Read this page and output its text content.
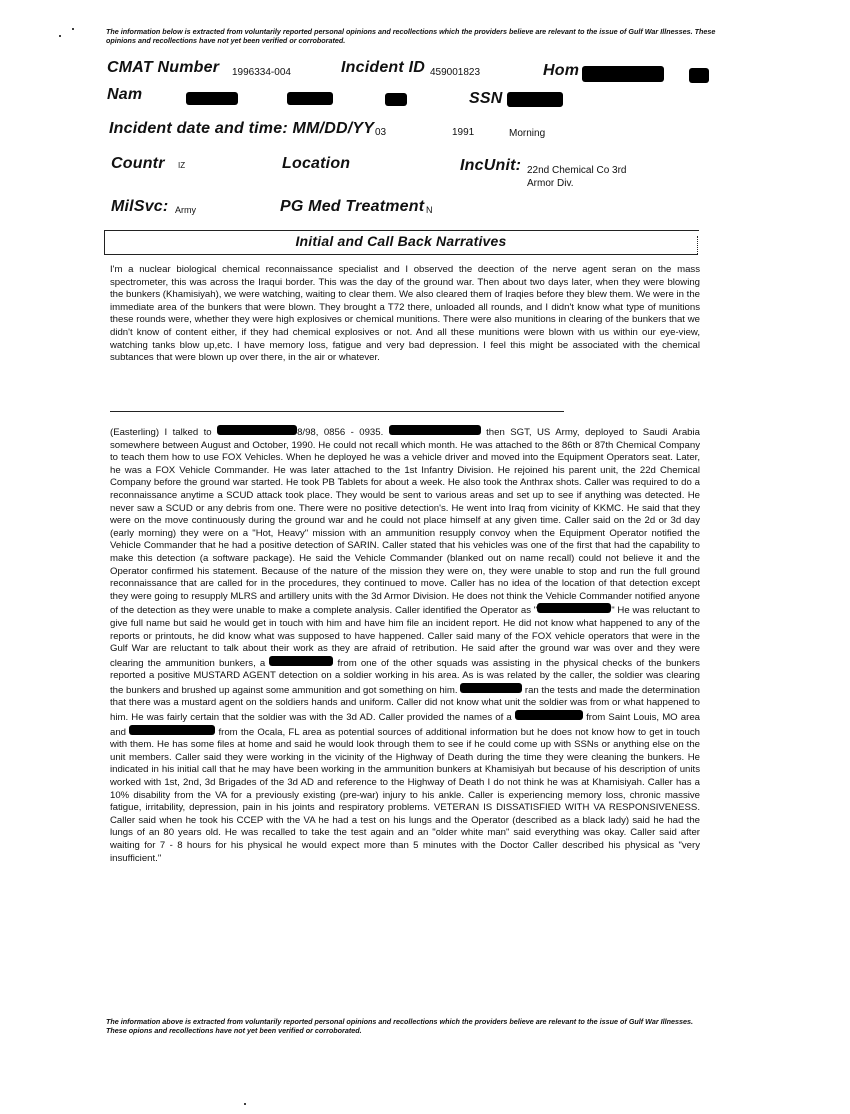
The information below is extracted from voluntarily reported personal opinions and recollections which the providers believe are relevant to the issue of Gulf War Illnesses. These opinions and recollections have not yet been verified or corroborated.
CMAT Number 1996334-004	Incident ID 459001823	Hom
Nam	SSN
Incident date and time: MM/DD/YY 03	1991	Morning
Countr IZ	Location	IncUnit: 22nd Chemical Co 3rd
Armor Div.
MilSvc: Army	PG Med Treatment N
Initial and Call Back Narratives
I'm a nuclear biological chemical reconnaissance specialist and I observed the deection of the nerve agent seran on the mass spectrometer, this was across the Iraqui border. This was the day of the ground war. Then about two days later, when they were blowing the bunkers (Khamisiyah), we were watching, waiting to clear them. We also cleared them of Iraqies before they blew them. We were in the immediate area of the bunkers that were blown. They brought a T72 there, unloaded all rounds, and I didn't know what type of munitions these rounds were, whether they were high explosives or chemical munitions. There were also munitions in clearing of the bunkers that we didn't know of content either, if they had chemical explosives or not. And all these munitions were blown with us within our eye-view, watching tanks blow up,etc. I have memory loss, fatigue and very bad depression. I feel this might be associated with the chemical subtances that were blown up over there, in the air or whatever.
(Easterling) I talked to	8/98, 0856 - 0935.	then SGT, US Army, deployed to Saudi Arabia somewhere between August and October, 1990. He could not recall which month. He was attached to the 86th or 87th Chemical Company to teach them how to use FOX Vehicles. When he deployed he was a vehicle driver and moved into the Equipment Operators seat. Later, he was a FOX Vehicle Commander. He was later attached to the 1st Infantry Division. He rejoined his parent unit, the 22d Chemical Company before the ground war started. He took PB Tablets for about a week. He also took the Anthrax shots. Caller was required to do a reconnaissance anytime a SCUD attack took place. They would be sent to various areas and set up to see if anything was detected. He never saw a SCUD or any debris from one. There were no positive detection's. He went into Iraq from vicinity of KKMC. He said that they were on the move continuously during the ground war and he could not place himself at any given time. Caller said on the 2d or 3d day (early morning) they were on a "Hot, Heavy" mission with an ammunition resupply convoy when the Equipment Operator notified the Vehicle Commander that he had a positive detection of SARIN. Caller stated that his vehicles was one of the first that had the capability to make this detection (a software package). He said the Vehicle Commander (blanked out on name recall) could not believe it and the Operator confirmed his statement. Because of the nature of the mission they were on, they were unable to stop and run the full ground reconnaissance that are called for in the procedures, they continued to move. Caller has no idea of the location of that detection except they were going to resupply MLRS and artillery units with the 3d Armor Division. He does not think the Vehicle Commander notified anyone of the detection as they were unable to make a complete analysis. Caller identified the Operator as "	" He was reluctant to give full name but said he would get in touch with him and have him file an incident report. He did not know what happened to any of the reports or printouts, he did know what was supposed to have happened. Caller said many of the FOX vehicle operators that were in the Gulf War are reluctant to talk about their work as they are afraid of retribution. He said after the ground war was over and they were clearing the ammunition bunkers, a	from one of the other squads was assisting in the physical checks of the bunkers reported a positive MUSTARD AGENT detection on a soldier working in his area. As is was related by the caller, the soldier was clearing the bunkers and brushed up against some ammunition and got something on him.	ran the tests and made the determination that there was a mustard agent on the soldiers hands and uniform. Caller did not know what unit the soldier was from or what happened to him. He was fairly certain that the soldier was with the 3d AD. Caller provided the names of a	from Saint Louis, MO area and	from the Ocala, FL area as potential sources of additional information but he does not know how to get in touch with them. He has some files at home and said he would look through them to see if he could come up with SSNs or anything else on the unit members. Caller said they were working in the vicinity of the Highway of Death during the time they were cleaning the bunkers. He indicated in his initial call that he may have been working in the ammunition bunkers at Khamisiyah but because of his description of units worked with 1st, 2nd, 3d Brigades of the 3d AD and reference to the Highway of Death I do not think he was at Khamisiyah. Caller has a 10% disability from the VA for a previously existing (pre-war) injury to his ankle. Caller is experiencing memory loss, chronic massive fatigue, irritability, depression, pain in his joints and respiratory problems. VETERAN IS DISSATISFIED WITH VA RESPONSIVENESS. Caller said when he took his CCEP with the VA he had a test on his lungs and the Operator (described as a black lady) said he had the lungs of an 80 years old. He was recalled to take the test again and an "older white man" said everything was okay. Caller said after waiting for 7 - 8 hours for his physical he would expect more than 5 minutes with the Doctor Caller described his physical as "very insufficient."
The information above is extracted from voluntarily reported personal opinions and recollections which the providers believe are relevant to the issue of Gulf War Illnesses. These opions and recollections have not yet been verified or corroborated.
